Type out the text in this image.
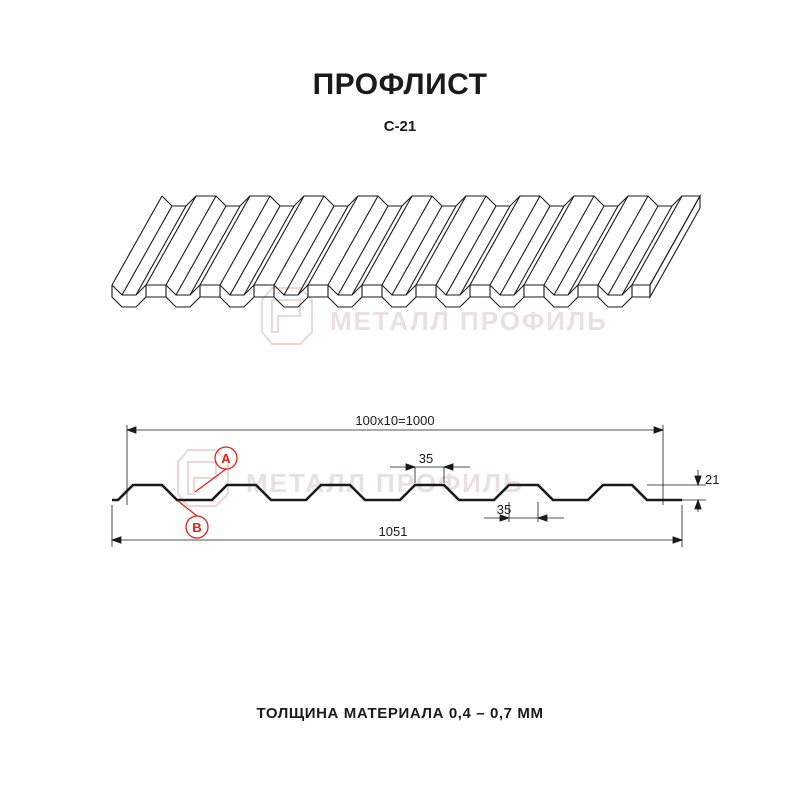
ПРОФЛИСТ
С-21
МЕТАЛЛ ПРОФИЛЬ
МЕТАЛЛ ПРОФИЛЬ
100x10=1000
1051
35
35
21
A
B
ТОЛЩИНА МАТЕРИАЛА 0,4 – 0,7 ММ
